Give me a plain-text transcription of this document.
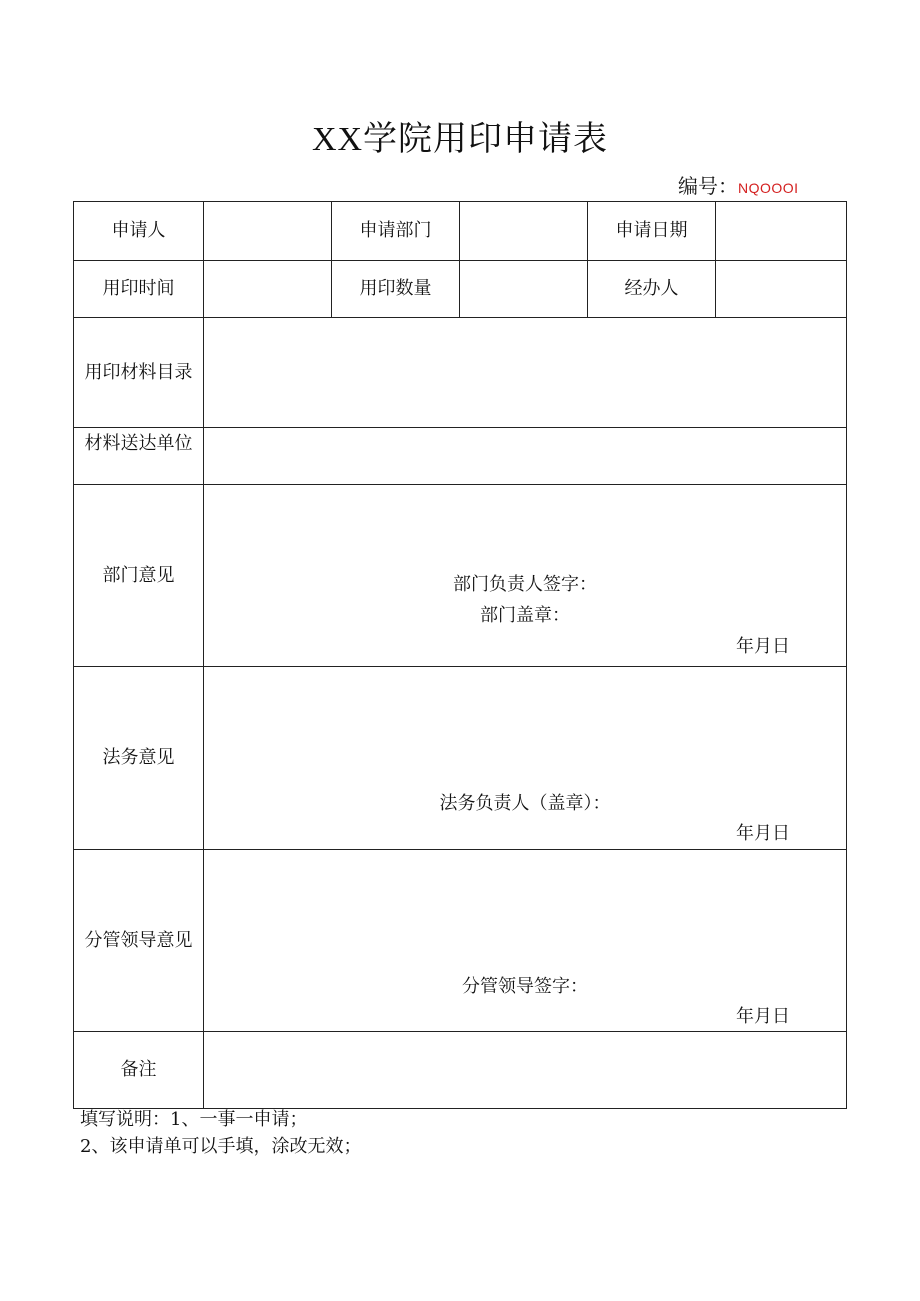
XX学院用印申请表
编号：NQOOOI
申请人		申请部门		申请日期	
用印时间		用印数量		经办人	
用印材料目录					
材料送达单位					
部门意见	部门负责人签字：
部门盖章：
年月日				

法务意见	法务负责人（盖章）：
年月日				

分管领导意见	分管领导签字：
年月日				

备注					
填写说明：1、一事一申请；
2、该申请单可以手填，涂改无效；
